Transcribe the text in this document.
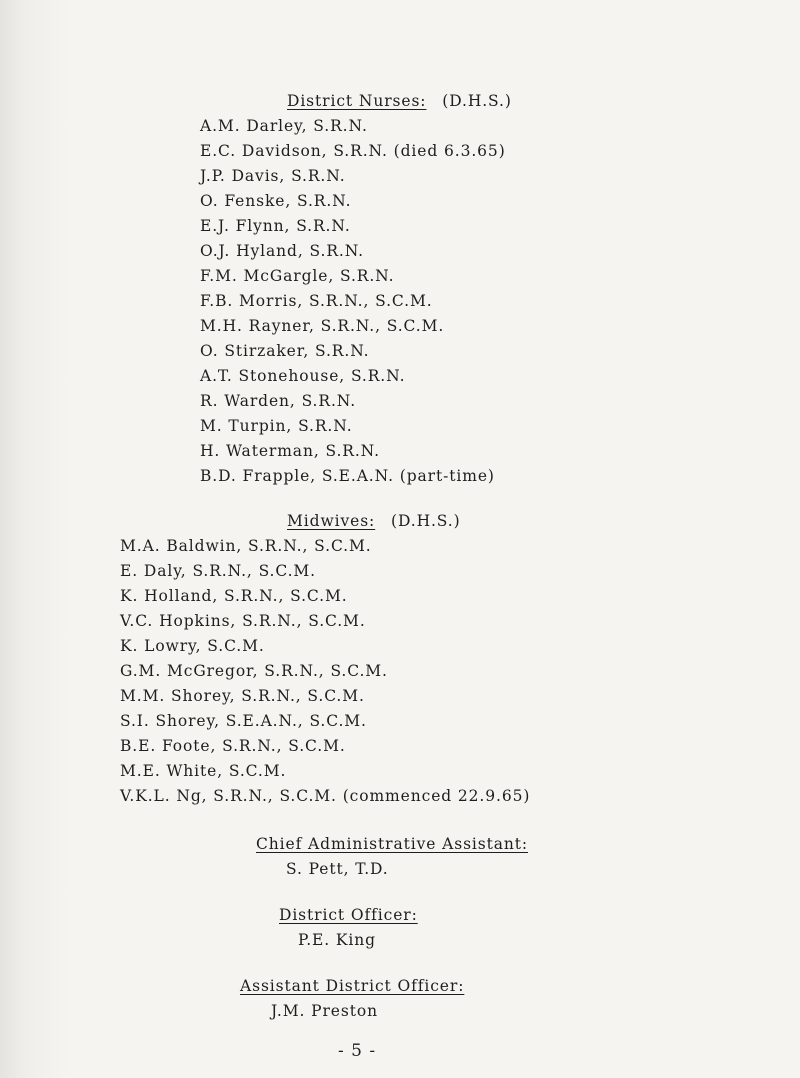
District Nurses: (D.H.S.)
A.M. Darley, S.R.N.
E.C. Davidson, S.R.N. (died 6.3.65)
J.P. Davis, S.R.N.
O. Fenske, S.R.N.
E.J. Flynn, S.R.N.
O.J. Hyland, S.R.N.
F.M. McGargle, S.R.N.
F.B. Morris, S.R.N., S.C.M.
M.H. Rayner, S.R.N., S.C.M.
O. Stirzaker, S.R.N.
A.T. Stonehouse, S.R.N.
R. Warden, S.R.N.
M. Turpin, S.R.N.
H. Waterman, S.R.N.
B.D. Frapple, S.E.A.N. (part-time)
Midwives: (D.H.S.)
M.A. Baldwin, S.R.N., S.C.M.
E. Daly, S.R.N., S.C.M.
K. Holland, S.R.N., S.C.M.
V.C. Hopkins, S.R.N., S.C.M.
K. Lowry, S.C.M.
G.M. McGregor, S.R.N., S.C.M.
M.M. Shorey, S.R.N., S.C.M.
S.I. Shorey, S.E.A.N., S.C.M.
B.E. Foote, S.R.N., S.C.M.
M.E. White, S.C.M.
V.K.L. Ng, S.R.N., S.C.M. (commenced 22.9.65)
Chief Administrative Assistant:
S. Pett, T.D.
District Officer:
P.E. King
Assistant District Officer:
J.M. Preston
- 5 -
